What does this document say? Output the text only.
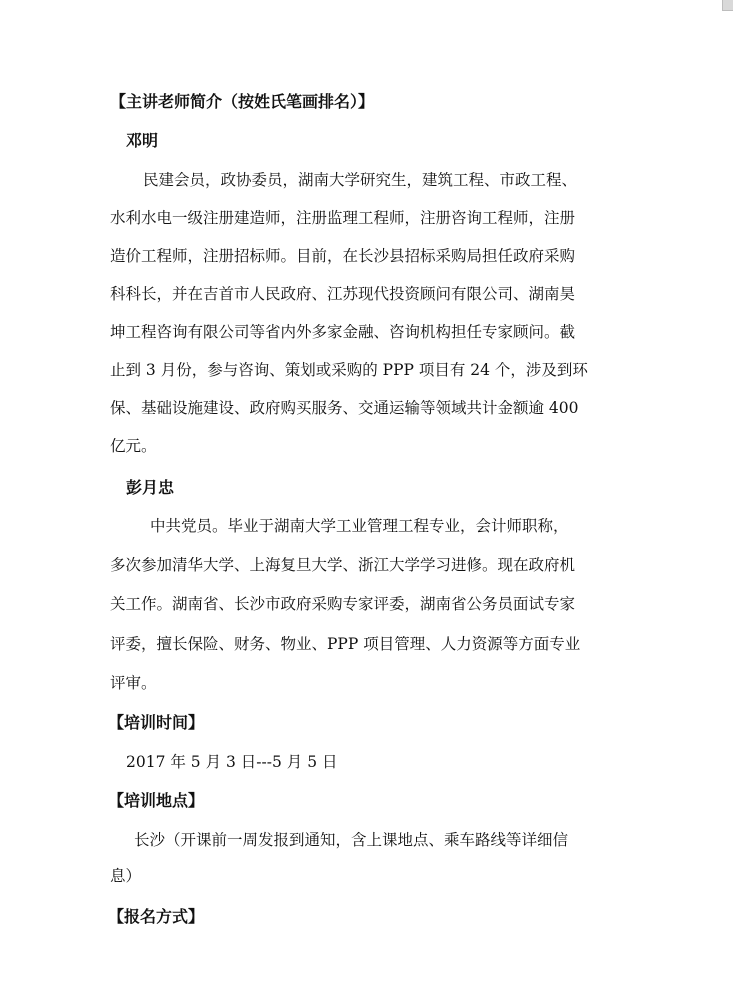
【主讲老师简介（按姓氏笔画排名）】
邓明
民建会员，政协委员，湖南大学研究生，建筑工程、市政工程、
水利水电一级注册建造师，注册监理工程师，注册咨询工程师，注册
造价工程师，注册招标师。目前，在长沙县招标采购局担任政府采购
科科长，并在吉首市人民政府、江苏现代投资顾问有限公司、湖南昊
坤工程咨询有限公司等省内外多家金融、咨询机构担任专家顾问。截
止到 3 月份，参与咨询、策划或采购的 PPP 项目有 24 个，涉及到环
保、基础设施建设、政府购买服务、交通运输等领域共计金额逾 400
亿元。
彭月忠
中共党员。毕业于湖南大学工业管理工程专业，会计师职称，
多次参加清华大学、上海复旦大学、浙江大学学习进修。现在政府机
关工作。湖南省、长沙市政府采购专家评委，湖南省公务员面试专家
评委，擅长保险、财务、物业、PPP 项目管理、人力资源等方面专业
评审。
【培训时间】
2017 年 5 月 3 日---5 月 5 日
【培训地点】
长沙（开课前一周发报到通知，含上课地点、乘车路线等详细信
息）
【报名方式】
